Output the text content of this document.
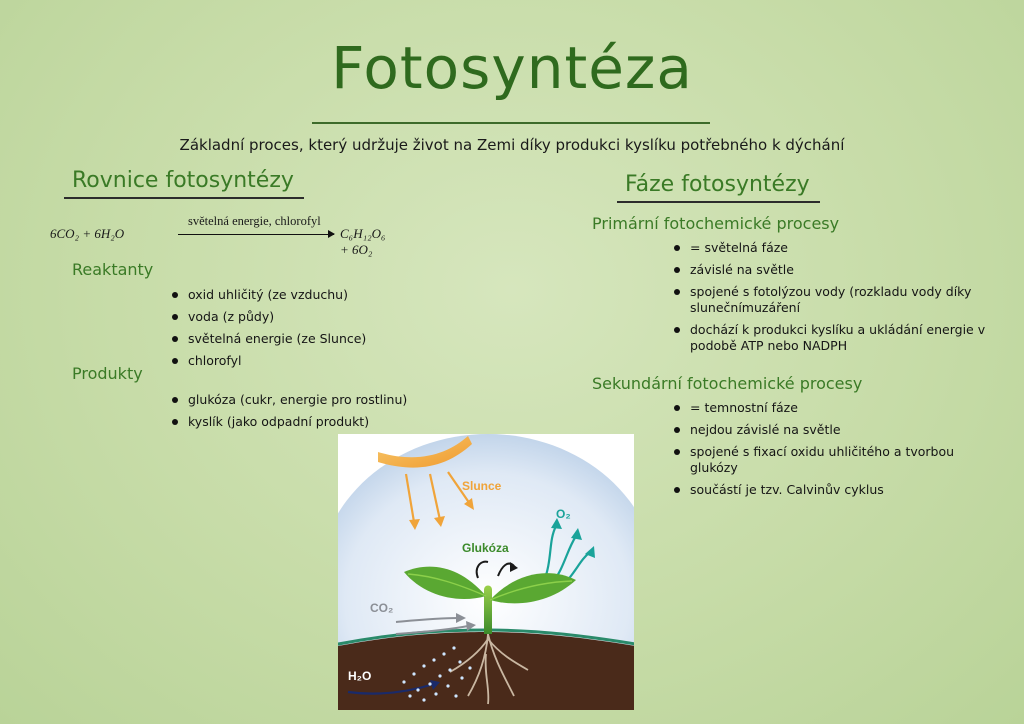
Fotosyntéza
Základní proces, který udržuje život na Zemi díky produkci kyslíku potřebného k dýchání
Rovnice fotosyntézy
6CO₂ + 6H₂O
světelná energie, chlorofyl
C₆H₁₂O₆ + 6O₂
Reaktanty
oxid uhličitý (ze vzduchu)
voda (z půdy)
světelná energie (ze Slunce)
chlorofyl
Produkty
glukóza (cukr, energie pro rostlinu)
kyslík (jako odpadní produkt)
Fáze fotosyntézy
Primární fotochemické procesy
= světelná fáze
závislé na světle
spojené s fotolýzou vody (rozkladu vody díky slunečnímuzáření
dochází k produkci kyslíku a ukládání energie v podobě ATP nebo NADPH
Sekundární fotochemické procesy
= temnostní fáze
nejdou závislé na světle
spojené s fixací oxidu uhličitého a tvorbou glukózy
součástí je tzv. Calvinův cyklus
Slunce
O₂
Glukóza
CO₂
H₂O
